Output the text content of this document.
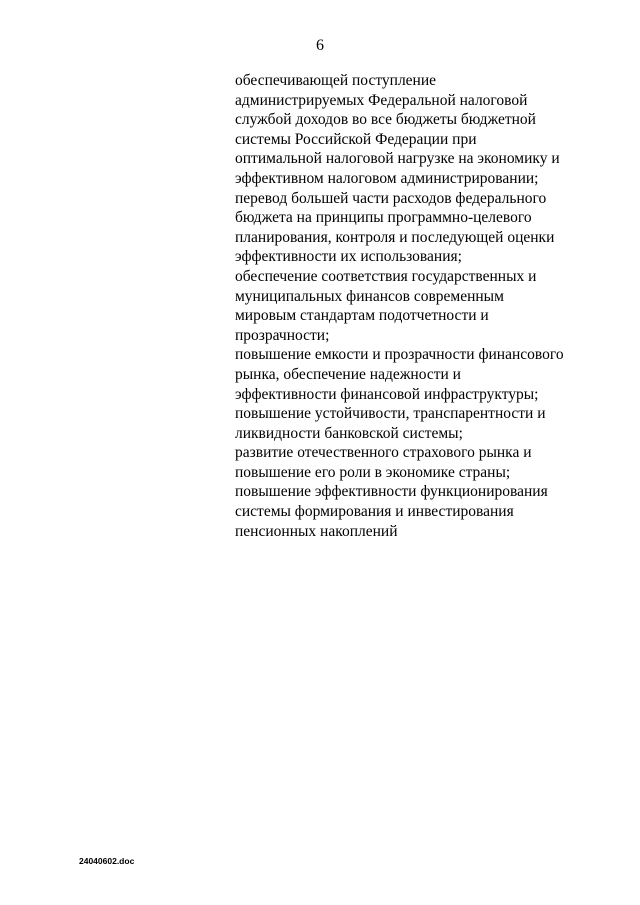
6
обеспечивающей поступление
администрируемых Федеральной налоговой
службой доходов во все бюджеты бюджетной
системы Российской Федерации при
оптимальной налоговой нагрузке на экономику и
эффективном налоговом администрировании;
перевод большей части расходов федерального
бюджета на принципы программно-целевого
планирования, контроля и последующей оценки
эффективности их использования;
обеспечение соответствия государственных и
муниципальных финансов современным
мировым стандартам подотчетности и
прозрачности;
повышение емкости и прозрачности финансового
рынка, обеспечение надежности и
эффективности финансовой инфраструктуры;
повышение устойчивости, транспарентности и
ликвидности банковской системы;
развитие отечественного страхового рынка и
повышение его роли в экономике страны;
повышение эффективности функционирования
системы формирования и инвестирования
пенсионных накоплений
24040602.doc
